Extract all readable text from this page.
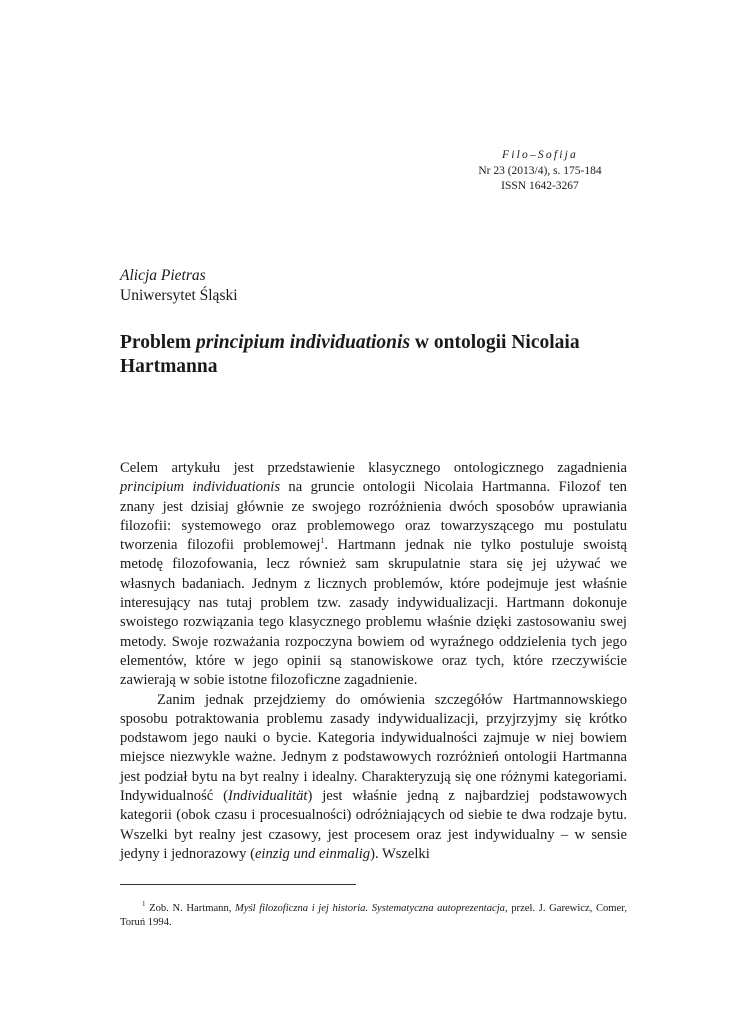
Filo–Sofija
Nr 23 (2013/4), s. 175-184
ISSN 1642-3267
Alicja Pietras
Uniwersytet Śląski
Problem principium individuationis w ontologii Nicolaia Hartmanna

Celem artykułu jest przedstawienie klasycznego ontologicznego zagadnienia principium individuationis na gruncie ontologii Nicolaia Hartmanna. Filozof ten znany jest dzisiaj głównie ze swojego rozróżnienia dwóch sposobów uprawiania filozofii: systemowego oraz problemowego oraz towarzyszącego mu postulatu tworzenia filozofii problemowej$^1$. Hartmann jednak nie tylko postuluje swoistą metodę filozofowania, lecz również sam skrupulatnie stara się jej używać we własnych badaniach. Jednym z licznych problemów, które podejmuje jest właśnie interesujący nas tutaj problem tzw. zasady indywidualizacji. Hartmann dokonuje swoistego rozwiązania tego klasycznego problemu właśnie dzięki zastosowaniu swej metody. Swoje rozważania rozpoczyna bowiem od wyraźnego oddzielenia tych jego elementów, które w jego opinii są stanowiskowe oraz tych, które rzeczywiście zawierają w sobie istotne filozoficzne zagadnienie.

Zanim jednak przejdziemy do omówienia szczegółów Hartmannowskiego sposobu potraktowania problemu zasady indywidualizacji, przyjrzyjmy się krótko podstawom jego nauki o bycie. Kategoria indywidualności zajmuje w niej bowiem miejsce niezwykle ważne. Jednym z podstawowych rozróżnień ontologii Hartmanna jest podział bytu na byt realny i idealny. Charakteryzują się one różnymi kategoriami. Indywidualność (Individualität) jest właśnie jedną z najbardziej podstawowych kategorii (obok czasu i procesualności) odróżniających od siebie te dwa rodzaje bytu. Wszelki byt realny jest czasowy, jest procesem oraz jest indywidualny – w sensie jedyny i jednorazowy (einzig und einmalig). Wszelki

$^1$ Zob. N. Hartmann, Myśl filozoficzna i jej historia. Systematyczna autoprezentacja, przeł. J. Garewicz, Comer, Toruń 1994.
